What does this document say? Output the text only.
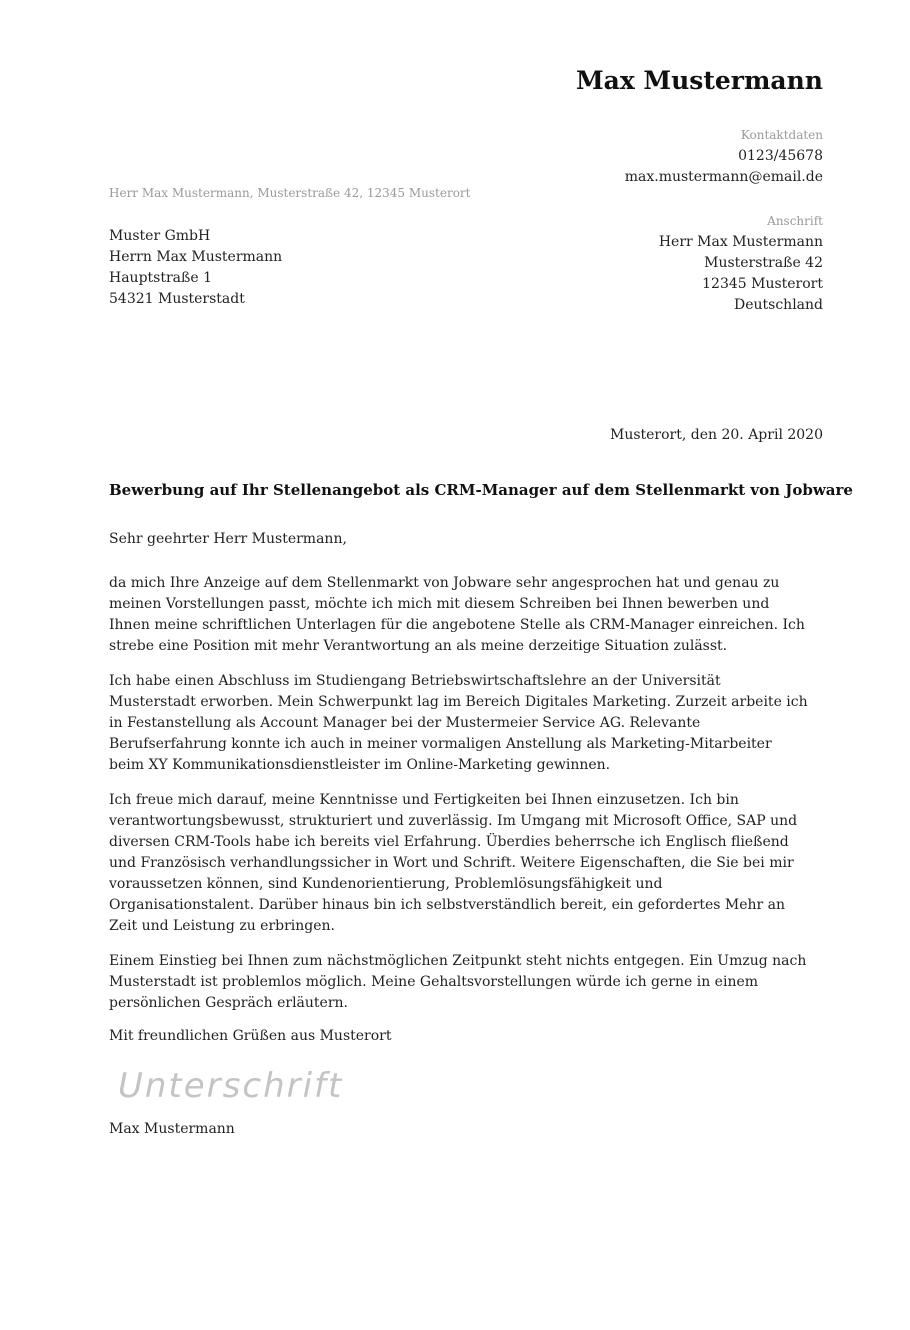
Max Mustermann
Kontaktdaten
0123/45678
max.mustermann@email.de
Herr Max Mustermann, Musterstraße 42, 12345 Musterort
Anschrift
Herr Max Mustermann
Musterstraße 42
12345 Musterort
Deutschland
Muster GmbH
Herrn Max Mustermann
Hauptstraße 1
54321 Musterstadt
Musterort, den 20. April 2020
Bewerbung auf Ihr Stellenangebot als CRM-Manager auf dem Stellenmarkt von Jobware
Sehr geehrter Herr Mustermann,

da mich Ihre Anzeige auf dem Stellenmarkt von Jobware sehr angesprochen hat und genau zu meinen Vorstellungen passt, möchte ich mich mit diesem Schreiben bei Ihnen bewerben und Ihnen meine schriftlichen Unterlagen für die angebotene Stelle als CRM-Manager einreichen. Ich strebe eine Position mit mehr Verantwortung an als meine derzeitige Situation zulässt.

Ich habe einen Abschluss im Studiengang Betriebswirtschaftslehre an der Universität Musterstadt erworben. Mein Schwerpunkt lag im Bereich Digitales Marketing. Zurzeit arbeite ich in Festanstellung als Account Manager bei der Mustermeier Service AG. Relevante Berufserfahrung konnte ich auch in meiner vormaligen Anstellung als Marketing-Mitarbeiter beim XY Kommunikationsdienstleister im Online-Marketing gewinnen.

Ich freue mich darauf, meine Kenntnisse und Fertigkeiten bei Ihnen einzusetzen. Ich bin verantwortungsbewusst, strukturiert und zuverlässig. Im Umgang mit Microsoft Office, SAP und diversen CRM-Tools habe ich bereits viel Erfahrung. Überdies beherrsche ich Englisch fließend und Französisch verhandlungssicher in Wort und Schrift. Weitere Eigenschaften, die Sie bei mir voraussetzen können, sind Kundenorientierung, Problemlösungsfähigkeit und Organisationstalent. Darüber hinaus bin ich selbstverständlich bereit, ein gefordertes Mehr an Zeit und Leistung zu erbringen.

Einem Einstieg bei Ihnen zum nächstmöglichen Zeitpunkt steht nichts entgegen. Ein Umzug nach Musterstadt ist problemlos möglich. Meine Gehaltsvorstellungen würde ich gerne in einem persönlichen Gespräch erläutern.

Mit freundlichen Grüßen aus Musterort
Unterschrift
Max Mustermann
